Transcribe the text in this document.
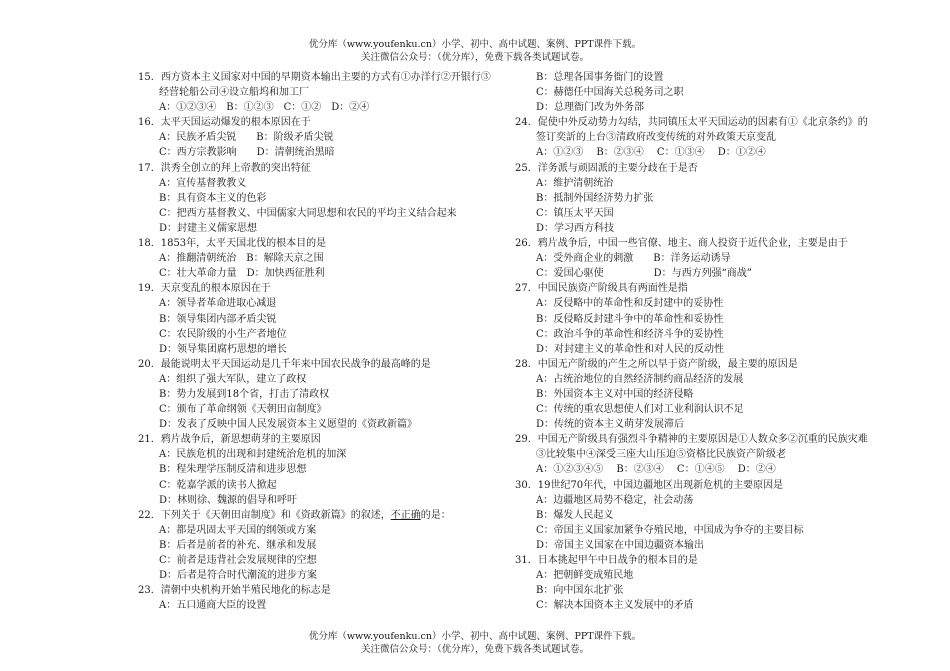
优分库（www.youfenku.cn）小学、初中、高中试题、案例、PPT课件下载。
关注微信公众号：（优分库），免费下载各类试题试卷。
15．西方资本主义国家对中国的早期资本输出主要的方式有①办洋行②开银行③
经营轮船公司④设立船坞和加工厂
A：①②③④　B：①②③　C：①②　D：②④
16．太平天国运动爆发的根本原因在于
A：民族矛盾尖锐　　B：阶级矛盾尖锐
C：西方宗教影响　　D：清朝统治黑暗
17．洪秀全创立的拜上帝教的突出特征
A：宣传基督教教义
B：具有资本主义的色彩
C：把西方基督教义、中国儒家大同思想和农民的平均主义结合起来
D：封建主义儒家思想
18．1853年，太平天国北伐的根本目的是
A：推翻清朝统治　B：解除天京之围
C：壮大革命力量　D：加快西征胜利
19．天京变乱的根本原因在于
A：领导者革命进取心减退
B：领导集团内部矛盾尖锐
C：农民阶级的小生产者地位
D：领导集团腐朽思想的增长
20．最能说明太平天国运动是几千年来中国农民战争的最高峰的是
A：组织了强大军队，建立了政权
B：势力发展到18个省，打击了清政权
C：颁布了革命纲领《天朝田亩制度》
D：发表了反映中国人民发展资本主义愿望的《资政新篇》
21．鸦片战争后，新思想萌芽的主要原因
A：民族危机的出现和封建统治危机的加深
B：程朱理学压制反清和进步思想
C：乾嘉学派的读书人掀起
D：林则徐、魏源的倡导和呼吁
22．下列关于《天朝田亩制度》和《资政新篇》的叙述，不正确的是：
A：都是巩固太平天国的纲领或方案
B：后者是前者的补充、继承和发展
C：前者是违背社会发展规律的空想
D：后者是符合时代潮流的进步方案
23．清朝中央机构开始半殖民地化的标志是
A：五口通商大臣的设置
B：总理各国事务衙门的设置
C：赫德任中国海关总税务司之职
D：总理衙门改为外务部
24．促使中外反动势力勾结，共同镇压太平天国运动的因素有①《北京条约》的
签订奕訢的上台③清政府改变传统的对外政策天京变乱
A：①②③　 B：②③④　 C：①③④　 D：①②④
25．洋务派与顽固派的主要分歧在于是否
A：维护清朝统治
B：抵制外国经济势力扩张
C：镇压太平天国
D：学习西方科技
26．鸦片战争后，中国一些官僚、地主、商人投资于近代企业，主要是由于
A：受外商企业的刺激　　B：洋务运动诱导
C：爱国心驱使　　　　　D：与西方列强“商战”
27．中国民族资产阶级具有两面性是指
A：反侵略中的革命性和反封建中的妥协性
B：反侵略反封建斗争中的革命性和妥协性
C：政治斗争的革命性和经济斗争的妥协性
D：对封建主义的革命性和对人民的反动性
28．中国无产阶级的产生之所以早于资产阶级，最主要的原因是
A：占统治地位的自然经济制约商品经济的发展
B：外国资本主义对中国的经济侵略
C：传统的重农思想使人们对工业利润认识不足
D：传统的资本主义萌芽发展滞后
29．中国无产阶级具有强烈斗争精神的主要原因是①人数众多②沉重的民族灾难
③比较集中④深受三座大山压迫⑤资格比民族资产阶级老
A：①②③④⑤　 B：②③④　 C：①④⑤　 D：②④
30．19世纪70年代，中国边疆地区出现新危机的主要原因是
A：边疆地区局势不稳定，社会动荡
B：爆发人民起义
C：帝国主义国家加紧争夺殖民地，中国成为争夺的主要目标
D：帝国主义国家在中国边疆资本输出
31．日本挑起甲午中日战争的根本目的是
A：把朝鲜变成殖民地
B：向中国东北扩张
C：解决本国资本主义发展中的矛盾
优分库（www.youfenku.cn）小学、初中、高中试题、案例、PPT课件下载。
关注微信公众号：（优分库），免费下载各类试题试卷。
